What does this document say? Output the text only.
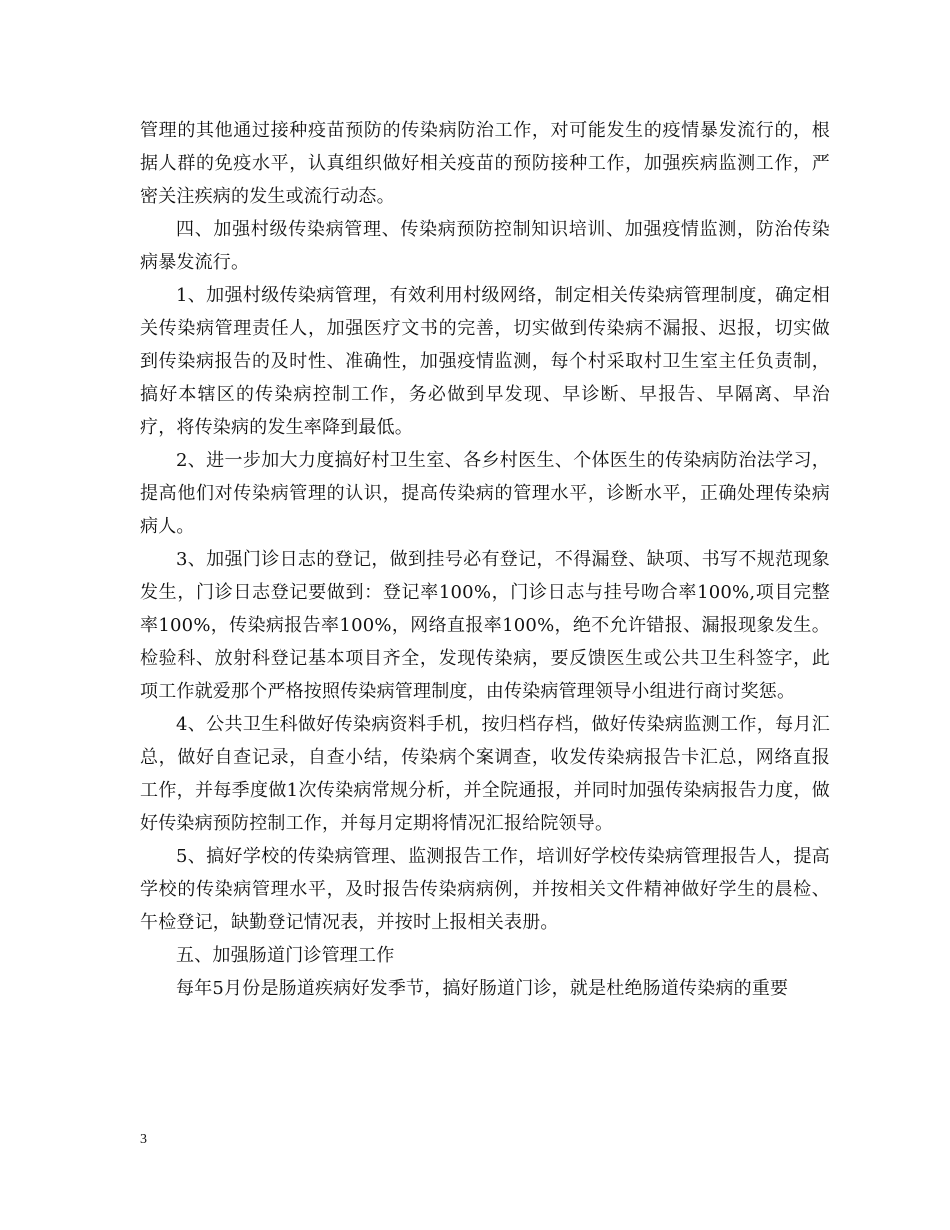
管理的其他通过接种疫苗预防的传染病防治工作，对可能发生的疫情暴发流行的，根据人群的免疫水平，认真组织做好相关疫苗的预防接种工作，加强疾病监测工作，严密关注疾病的发生或流行动态。

四、加强村级传染病管理、传染病预防控制知识培训、加强疫情监测，防治传染病暴发流行。

1、加强村级传染病管理，有效利用村级网络，制定相关传染病管理制度，确定相关传染病管理责任人，加强医疗文书的完善，切实做到传染病不漏报、迟报，切实做到传染病报告的及时性、准确性，加强疫情监测，每个村采取村卫生室主任负责制，搞好本辖区的传染病控制工作，务必做到早发现、早诊断、早报告、早隔离、早治疗，将传染病的发生率降到最低。

2、进一步加大力度搞好村卫生室、各乡村医生、个体医生的传染病防治法学习，提高他们对传染病管理的认识，提高传染病的管理水平，诊断水平，正确处理传染病病人。

3、加强门诊日志的登记，做到挂号必有登记，不得漏登、缺项、书写不规范现象发生，门诊日志登记要做到：登记率100%，门诊日志与挂号吻合率100%,项目完整率100%，传染病报告率100%，网络直报率100%，绝不允许错报、漏报现象发生。检验科、放射科登记基本项目齐全，发现传染病，要反馈医生或公共卫生科签字，此项工作就爱那个严格按照传染病管理制度，由传染病管理领导小组进行商讨奖惩。

4、公共卫生科做好传染病资料手机，按归档存档，做好传染病监测工作，每月汇总，做好自查记录，自查小结，传染病个案调查，收发传染病报告卡汇总，网络直报工作，并每季度做1次传染病常规分析，并全院通报，并同时加强传染病报告力度，做好传染病预防控制工作，并每月定期将情况汇报给院领导。

5、搞好学校的传染病管理、监测报告工作，培训好学校传染病管理报告人，提高学校的传染病管理水平，及时报告传染病病例，并按相关文件精神做好学生的晨检、午检登记，缺勤登记情况表，并按时上报相关表册。

五、加强肠道门诊管理工作

每年5月份是肠道疾病好发季节，搞好肠道门诊，就是杜绝肠道传染病的重要

3
